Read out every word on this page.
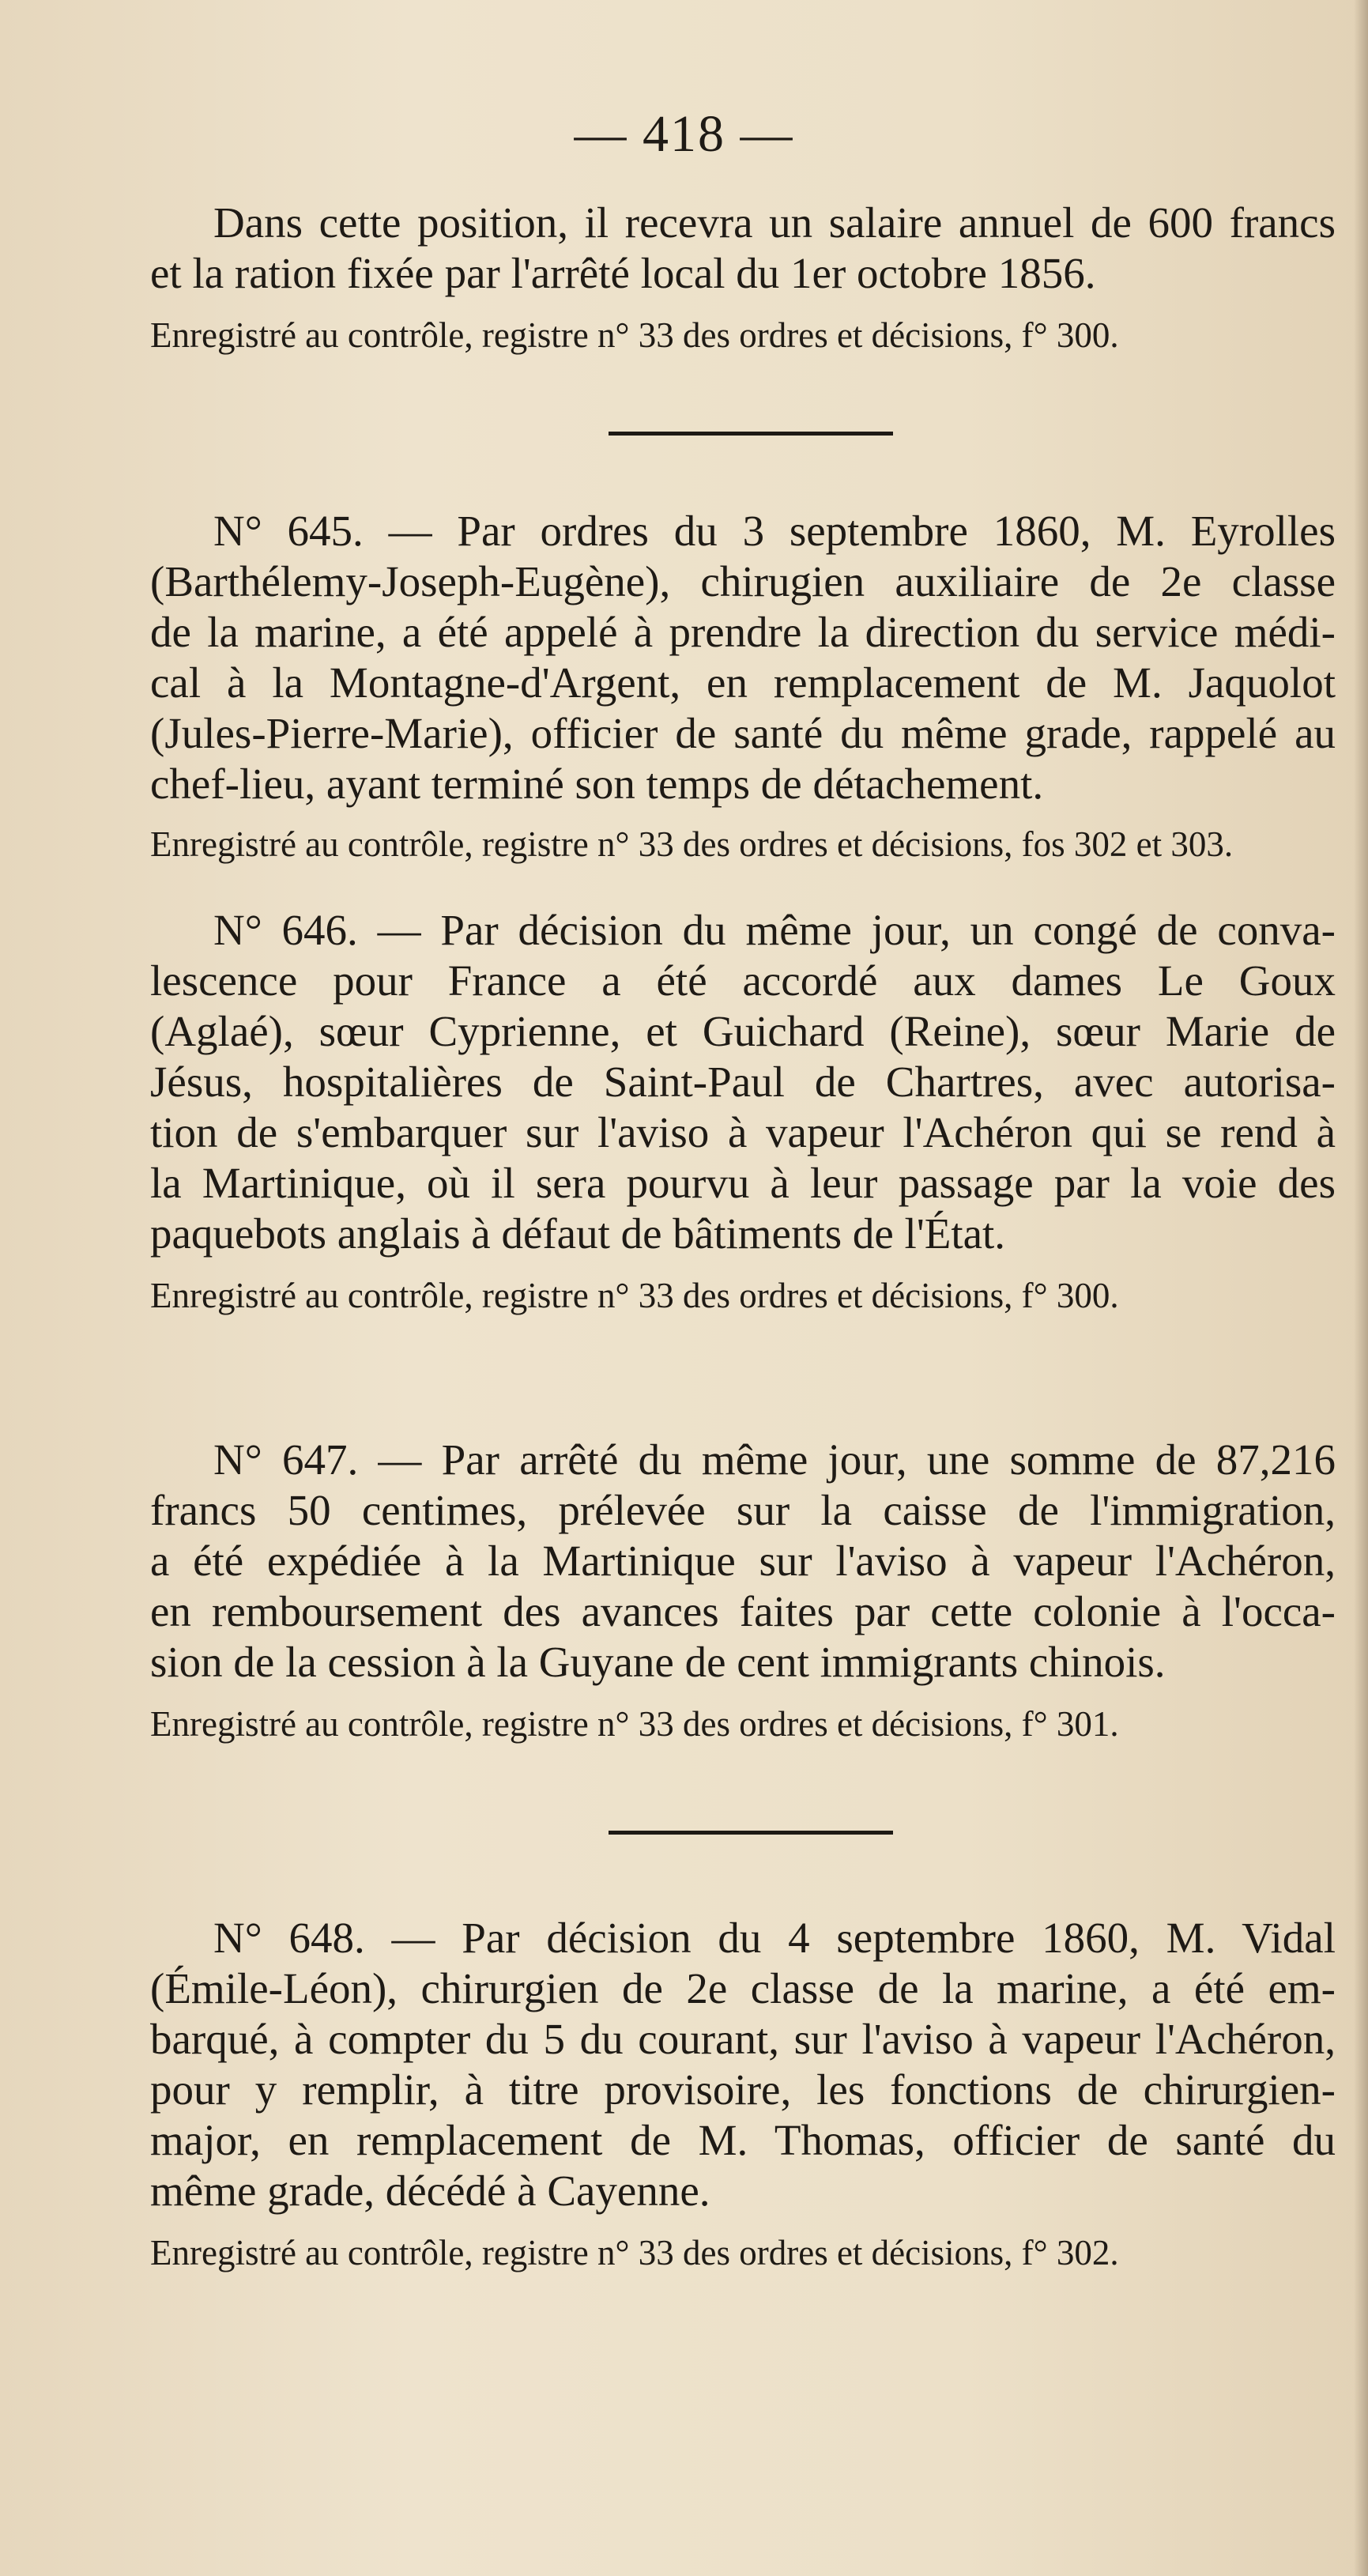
— 418 —

Dans cette position, il recevra un salaire annuel de 600 francs
et la ration fixée par l'arrêté local du 1er octobre 1856.

Enregistré au contrôle, registre n° 33 des ordres et décisions, f° 300.

N° 645. — Par ordres du 3 septembre 1860, M. Eyrolles
(Barthélemy-Joseph-Eugène), chirugien auxiliaire de 2e classe
de la marine, a été appelé à prendre la direction du service médi-
cal à la Montagne-d'Argent, en remplacement de M. Jaquolot
(Jules-Pierre-Marie), officier de santé du même grade, rappelé au
chef-lieu, ayant terminé son temps de détachement.

Enregistré au contrôle, registre n° 33 des ordres et décisions, fos 302 et 303.

N° 646. — Par décision du même jour, un congé de conva-
lescence pour France a été accordé aux dames Le Goux
(Aglaé), sœur Cyprienne, et Guichard (Reine), sœur Marie de
Jésus, hospitalières de Saint-Paul de Chartres, avec autorisa-
tion de s'embarquer sur l'aviso à vapeur l'Achéron qui se rend à
la Martinique, où il sera pourvu à leur passage par la voie des
paquebots anglais à défaut de bâtiments de l'État.

Enregistré au contrôle, registre n° 33 des ordres et décisions, f° 300.

N° 647. — Par arrêté du même jour, une somme de 87,216
francs 50 centimes, prélevée sur la caisse de l'immigration,
a été expédiée à la Martinique sur l'aviso à vapeur l'Achéron,
en remboursement des avances faites par cette colonie à l'occa-
sion de la cession à la Guyane de cent immigrants chinois.

Enregistré au contrôle, registre n° 33 des ordres et décisions, f° 301.

N° 648. — Par décision du 4 septembre 1860, M. Vidal
(Émile-Léon), chirurgien de 2e classe de la marine, a été em-
barqué, à compter du 5 du courant, sur l'aviso à vapeur l'Achéron,
pour y remplir, à titre provisoire, les fonctions de chirurgien-
major, en remplacement de M. Thomas, officier de santé du
même grade, décédé à Cayenne.

Enregistré au contrôle, registre n° 33 des ordres et décisions, f° 302.
